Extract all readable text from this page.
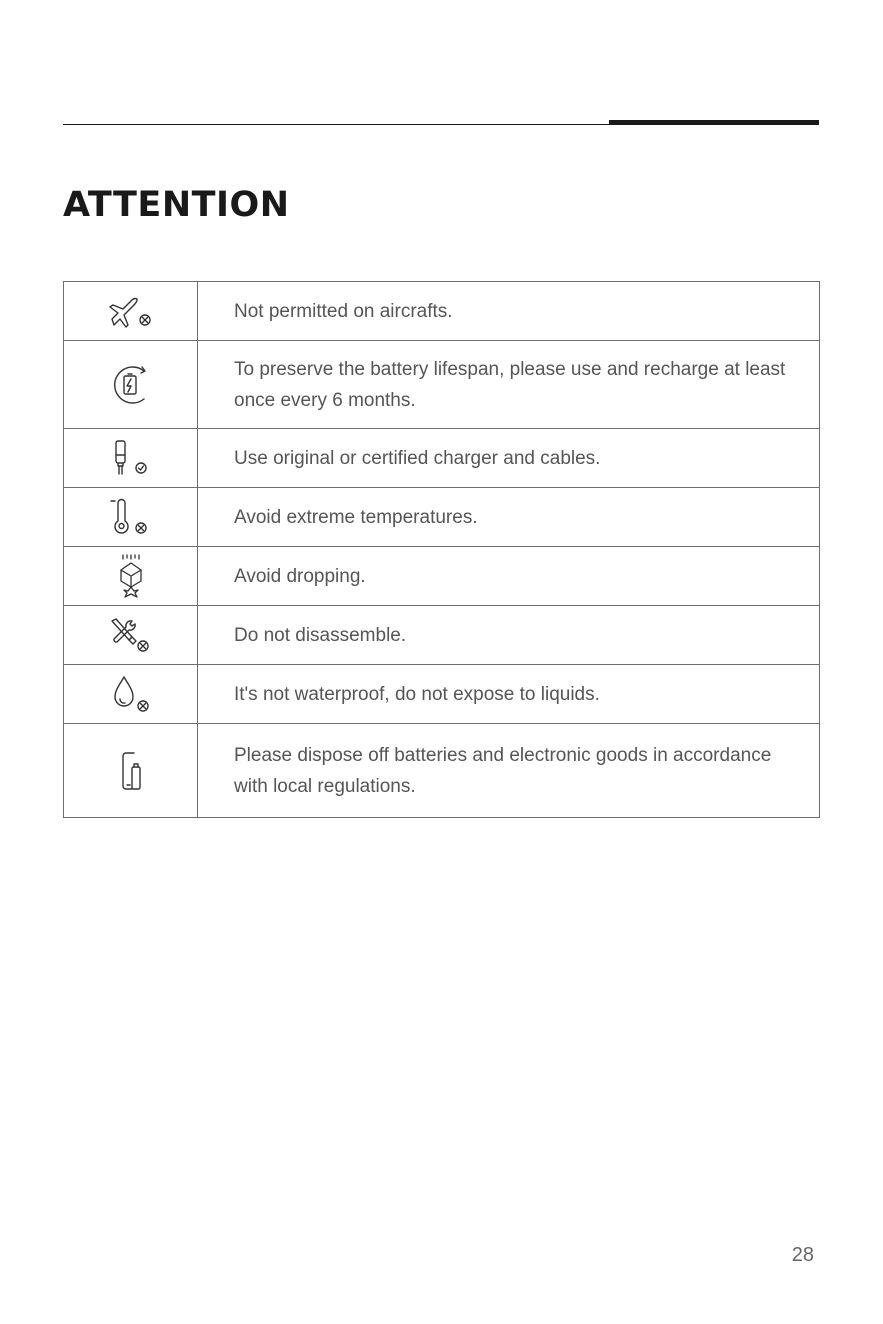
ATTENTION
	Not permitted on aircrafts.

	To preserve the battery lifespan, please use and recharge at least once every 6 months.

	Use original or certified charger and cables.

	Avoid extreme temperatures.

	Avoid dropping.

	Do not disassemble.

	It's not waterproof, do not expose to liquids.

	Please dispose off batteries and electronic goods in accordance with local regulations.
28
